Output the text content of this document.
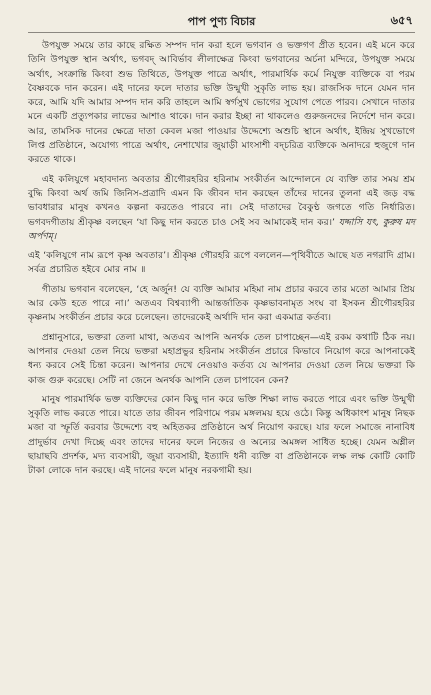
পাপ পুণ্য বিচার	৬৫৭

উপযুক্ত সময়ে তার কাছে রক্ষিত সম্পদ দান করা হলে ভগবান ও ভক্তগণ প্রীত হবেন। এই মনে করে তিনি উপযুক্ত স্থান অর্থাৎ, ভগবদ্ আবির্ভাব লীলাক্ষেত্র কিংবা ভগবানের অর্চনা মন্দিরে, উপযুক্ত সময়ে অর্থাৎ, সংক্রান্তি কিংবা শুভ তিথিতে, উপযুক্ত পাত্রে অর্থাৎ, পারমার্থিক কর্মে নিযুক্ত ব্যক্তিকে বা পরম বৈষ্ণবকে দান করেন। এই দানের ফলে দাতার ভক্তি উন্মুখী সুকৃতি লাভ হয়। রাজসিক দানে যেমন দান করে, আমি যদি আমার সম্পদ দান করি তাহলে আমি স্বর্গসুখ ভোগের সুযোগ পেতে পারব। সেখানে দাতার মনে একটি প্রত্যুপকার লাভের আশাও থাকে। দান করার ইচ্ছা না থাকলেও গুরুজনদের নির্দেশে দান করে। আর, তামসিক দানের ক্ষেত্রে দাতা কেবল মজা পাওয়ার উদ্দেশ্যে অশুচি স্থানে অর্থাৎ, ইন্দ্রিয় সুখভোগে লিপ্ত প্রতিষ্ঠানে, অযোগ্য পাত্রে অর্থাৎ, নেশাখোর জুয়াড়ী মাংসাশী বদ্‌চরিত্র ব্যক্তিকে অনাদরে হুজুগে দান করতে থাকে।

এই কলিযুগে মহাবদান্য অবতার শ্রীগৌরহরির হরিনাম সংকীর্তন আন্দোলনে যে ব্যক্তি তার সময় শ্রম বুদ্ধি কিংবা অর্থ জমি জিনিস-প্রত্রাদি এমন কি জীবন দান করছেন তাঁদের দানের তুলনা এই জড় বদ্ধ ভাবধারার মানুষ কখনও কল্পনা করতেও পারবে না। সেই দাতাদের বৈকুণ্ঠ জগতে গতি নির্ধারিত। ভগবদগীতায় শ্রীকৃষ্ণ বলছেন ‘যা কিছু দান করতে চাও সেই সব আমাকেই দান কর।’ যদ্দাসি যৎ, কুরুষ মদ অর্পণম্।

এই ‘কলিযুগে নাম রূপে কৃষ্ণ অবতার’। শ্রীকৃষ্ণ গৌরহরি রূপে বললেন—পৃথিবীতে আছে যত নগরাদি গ্রাম। সর্বত্র প্রচারিত হইবে মোর নাম ॥

গীতায় ভগবান বলেছেন, ‘হে অর্জুন! যে ব্যক্তি আমার মহিমা নাম প্রচার করবে তার মতো আমার প্রিয় আর কেউ হতে পারে না।’ অতএব বিশ্বব্যাপী আন্তর্জাতিক কৃষ্ণভাবনামৃত সংঘ বা ইসকন শ্রীগৌরহরির কৃষ্ণনাম সংকীর্তন প্রচার করে চলেছেন। তাদেরকেই অর্থাদি দান করা একমাত্র কর্তব্য।

প্রশ্নানুসারে, ভক্তরা তেলা মাথা, অতএব আপনি অনর্থক তেল চাপাচ্ছেন—এই রকম কথাটি ঠিক নয়। আপনার দেওয়া তেল নিয়ে ভক্তরা মহাপ্রভুর হরিনাম সংকীর্তন প্রচারে কিভাবে নিয়োগ করে আপনাকেই ধন্য করবে সেই চিন্তা করেন। আপনার দেখে নেওয়াও কর্তব্য যে আপনার দেওয়া তেল নিয়ে ভক্তরা কি কাজ গুরু করেছে। সেটি না জেনে অনর্থক আপনি তেল চাপাবেন কেন?

মানুষ পারমার্থিক ভক্ত ব্যক্তিদের কোন কিছু দান করে ভক্তি শিক্ষা লাভ করতে পারে এবং ভক্তি উন্মুখী সুকৃতি লাভ করতে পারে। যাতে তার জীবন পরিণামে পরম মঙ্গলময় হয়ে ওঠে। কিন্তু অধিকাংশ মানুষ নিছক মজা বা স্ফূর্তি করবার উদ্দেশ্যে বহু অহিতকর প্রতিষ্ঠানে অর্থ নিয়োগ করছে। যার ফলে সমাজে নানাবিধ প্রাদুর্ভাব দেখা দিচ্ছে এবং তাদের দানের ফলে নিজের ও অন্যের অমঙ্গল সাধিত হচ্ছে। যেমন অশ্লীল ছায়াছবি প্রদর্শক, মদ্য ব্যবসায়ী, জুয়া ব্যবসায়ী, ইত্যাদি ধনী ব্যক্তি বা প্রতিষ্ঠানকে লক্ষ লক্ষ কোটি কোটি টাকা লোকে দান করছে। এই দানের ফলে মানুষ নরকগামী হয়।
